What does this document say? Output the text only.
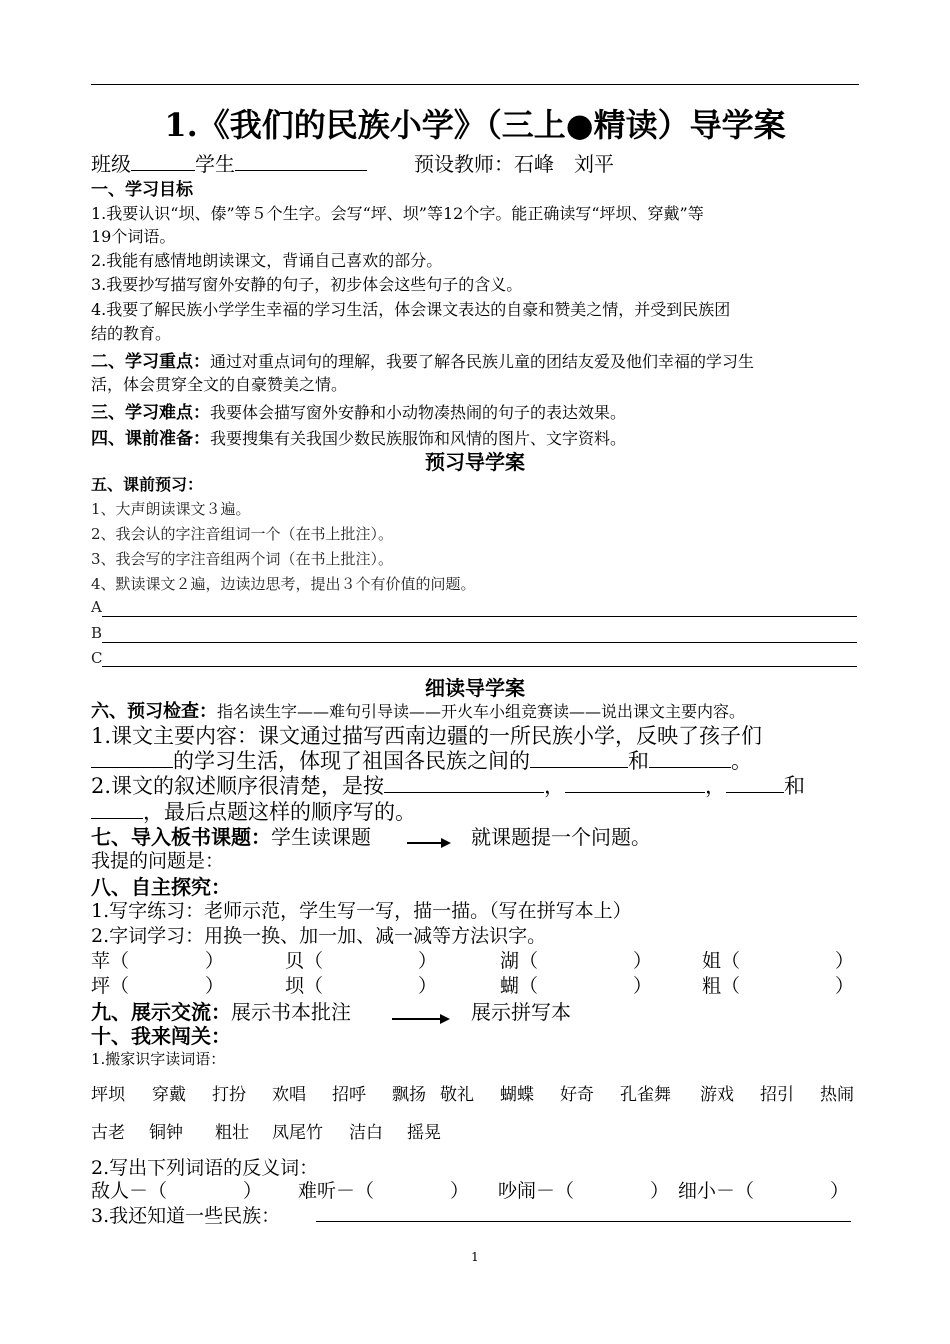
1.《我们的民族小学》（三上●精读）导学案
班级	学生	预设教师：石峰　刘平
一、学习目标
1.我要认识“坝、傣”等５个生字。会写“坪、坝”等12个字。能正确读写“坪坝、穿戴”等
19个词语。
2.我能有感情地朗读课文，背诵自己喜欢的部分。
3.我要抄写描写窗外安静的句子，初步体会这些句子的含义。
4.我要了解民族小学学生幸福的学习生活，体会课文表达的自豪和赞美之情，并受到民族团
结的教育。
二、学习重点：通过对重点词句的理解，我要了解各民族儿童的团结友爱及他们幸福的学习生
活，体会贯穿全文的自豪赞美之情。
三、学习难点：我要体会描写窗外安静和小动物凑热闹的句子的表达效果。
四、课前准备：我要搜集有关我国少数民族服饰和风情的图片、文字资料。
预习导学案
五、课前预习：
1、大声朗读课文３遍。
2、我会认的字注音组词一个（在书上批注）。
3、我会写的字注音组两个词（在书上批注）。
4、默读课文２遍，边读边思考，提出３个有价值的问题。
A
B
C
细读导学案
六、预习检查：指名读生字——难句引导读——开火车小组竞赛读——说出课文主要内容。
1.课文主要内容：课文通过描写西南边疆的一所民族小学，反映了孩子们
的学习生活，体现了祖国各民族之间的	和	。
2.课文的叙述顺序很清楚，是按	，	，	和
，最后点题这样的顺序写的。
七、导入板书课题：学生读课题	就课题提一个问题。
我提的问题是：
八、自主探究：
1.写字练习：老师示范，学生写一写，描一描。（写在拼写本上）
2.字词学习：用换一换、加一加、减一减等方法识字。
苹（　　　　）	贝（　　　　　）	湖（　　　　　）	姐（　　　　　）
坪（　　　　）	坝（　　　　　）	蝴（　　　　　）	粗（　　　　　）
九、展示交流：展示书本批注	展示拼写本
十、我来闯关：
1.搬家识字读词语：
坪坝 穿戴 打扮 欢唱 招呼 飘扬 敬礼 蝴蝶 好奇 孔雀舞 游戏 招引 热闹
古老 铜钟 粗壮 凤尾竹 洁白 摇晃
2.写出下列词语的反义词：
敌人－（　　　　） 难听－（　　　　） 吵闹－（　　　　） 细小－（　　　　）
3.我还知道一些民族：
1
